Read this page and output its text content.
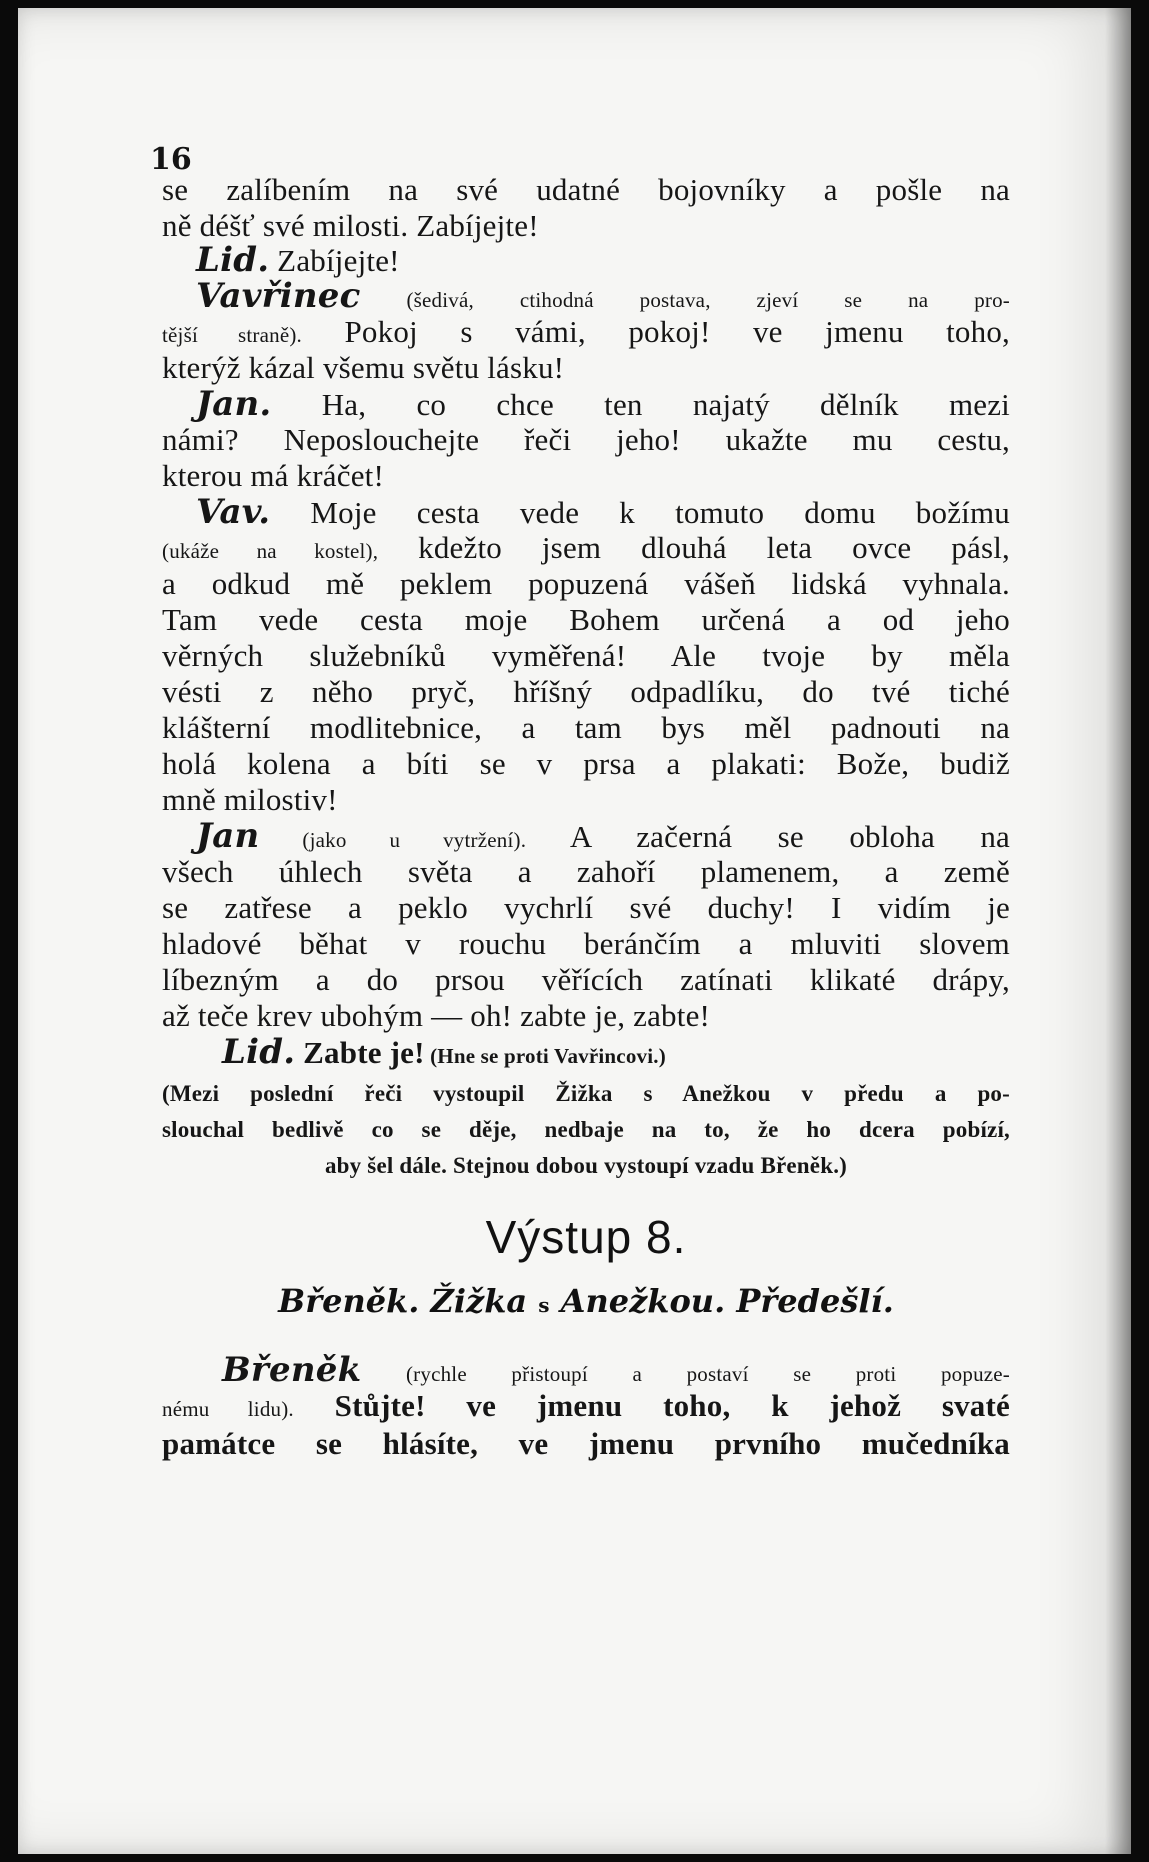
16
se zalíbením na své udatné bojovníky a pošle na
ně déšť své milosti. Zabíjejte!
Lid. Zabíjejte!
Vavřinec (šedivá, ctihodná postava, zjeví se na pro-
tější straně). Pokoj s vámi, pokoj! ve jmenu toho,
kterýž kázal všemu světu lásku!
Jan. Ha, co chce ten najatý dělník mezi
námi? Neposlouchejte řeči jeho! ukažte mu cestu,
kterou má kráčet!
Vav. Moje cesta vede k tomuto domu božímu
(ukáže na kostel), kdežto jsem dlouhá leta ovce pásl,
a odkud mě peklem popuzená vášeň lidská vyhnala.
Tam vede cesta moje Bohem určená a od jeho
věrných služebníků vyměřená! Ale tvoje by měla
vésti z něho pryč, hříšný odpadlíku, do tvé tiché
klášterní modlitebnice, a tam bys měl padnouti na
holá kolena a bíti se v prsa a plakati: Bože, budiž
mně milostiv!
Jan (jako u vytržení). A začerná se obloha na
všech úhlech světa a zahoří plamenem, a země
se zatřese a peklo vychrlí své duchy! I vidím je
hladové běhat v rouchu beránčím a mluviti slovem
líbezným a do prsou věřících zatínati klikaté drápy,
až teče krev ubohým — oh! zabte je, zabte!
Lid. Zabte je! (Hne se proti Vavřincovi.)
(Mezi poslední řeči vystoupil Žižka s Anežkou v předu a po-
slouchal bedlivě co se děje, nedbaje na to, že ho dcera pobízí,
aby šel dále. Stejnou dobou vystoupí vzadu Břeněk.)
Výstup 8.
Břeněk. Žižka s Anežkou. Předešlí.
Břeněk (rychle přistoupí a postaví se proti popuze-
nému lidu). Stůjte! ve jmenu toho, k jehož svaté
památce se hlásíte, ve jmenu prvního mučedníka
